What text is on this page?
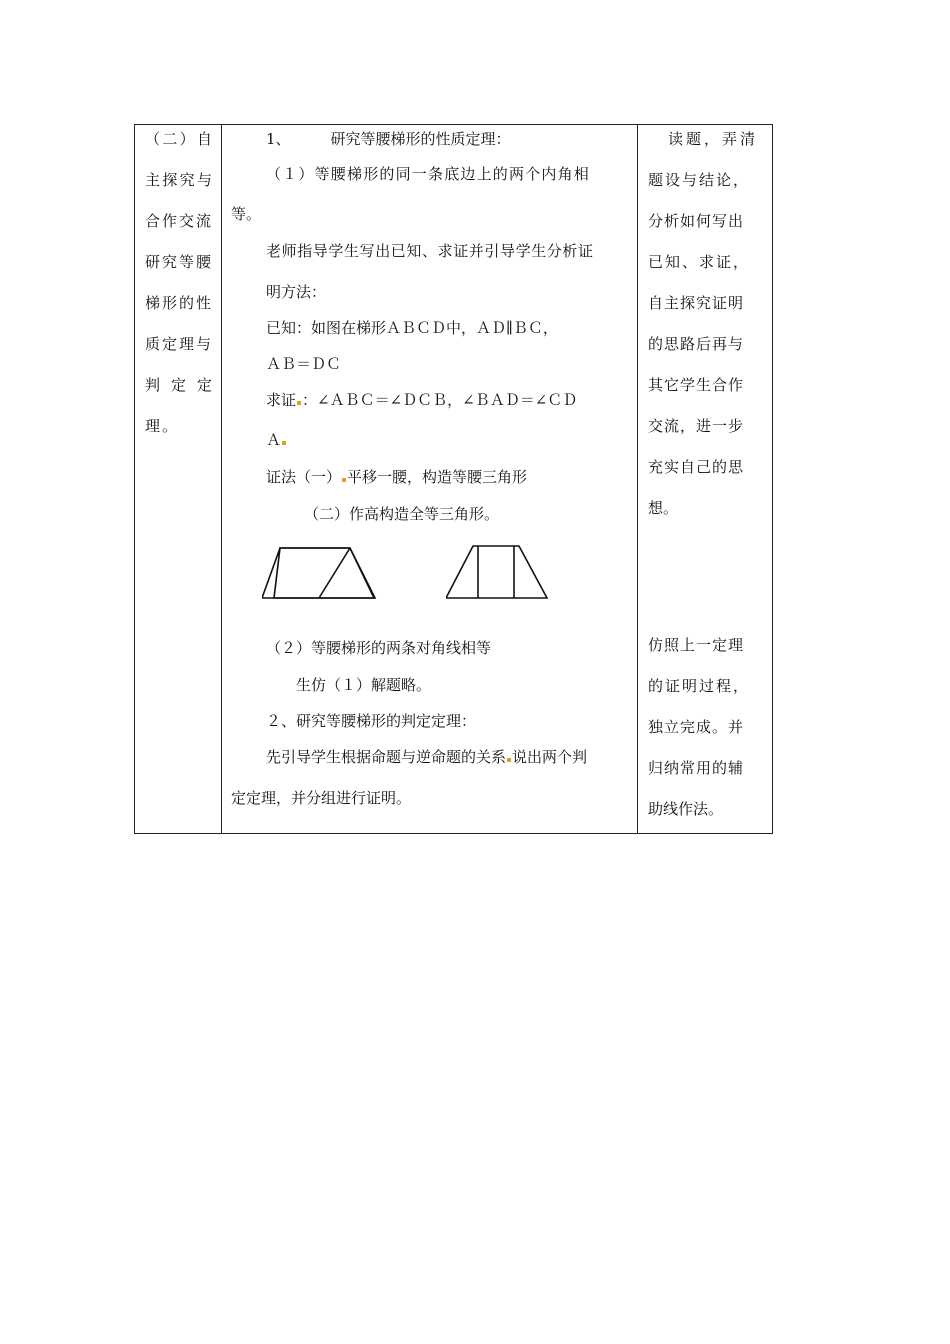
（ 二 ） 自
主 探 究 与
合作交流
研究等腰
梯形的性
质定理与
判定定
理。
1、	研究等腰梯形的性质定理：
（１）等腰梯形的同一条底边上的两个内角相
等。
老师指导学生写出已知、求证并引导学生分析证
明方法：
已知：如图在梯形ＡＢＣＤ中，ＡＤ∥ＢＣ，
ＡＢ＝ＤＣ
求证 ：∠ＡＢＣ＝∠ＤＣＢ，∠ＢＡＤ＝∠ＣＤ
Ａ
证法（一） 平移一腰，构造等腰三角形
（二）作高构造全等三角形。
（２）等腰梯形的两条对角线相等
生仿（１）解题略。
２、研究等腰梯形的判定定理：
先引导学生根据命题与逆命题的关系 说出两个判
定定理，并分组进行证明。
读题，弄清
题设与结论，
分析如何写出
已知、求证，
自主探究证明
的思路后再与
其它学生合作
交流，进一步
充实自己的思
想。
仿照上一定理
的证明过程，
独立完成。并
归纳常用的辅
助线作法。
